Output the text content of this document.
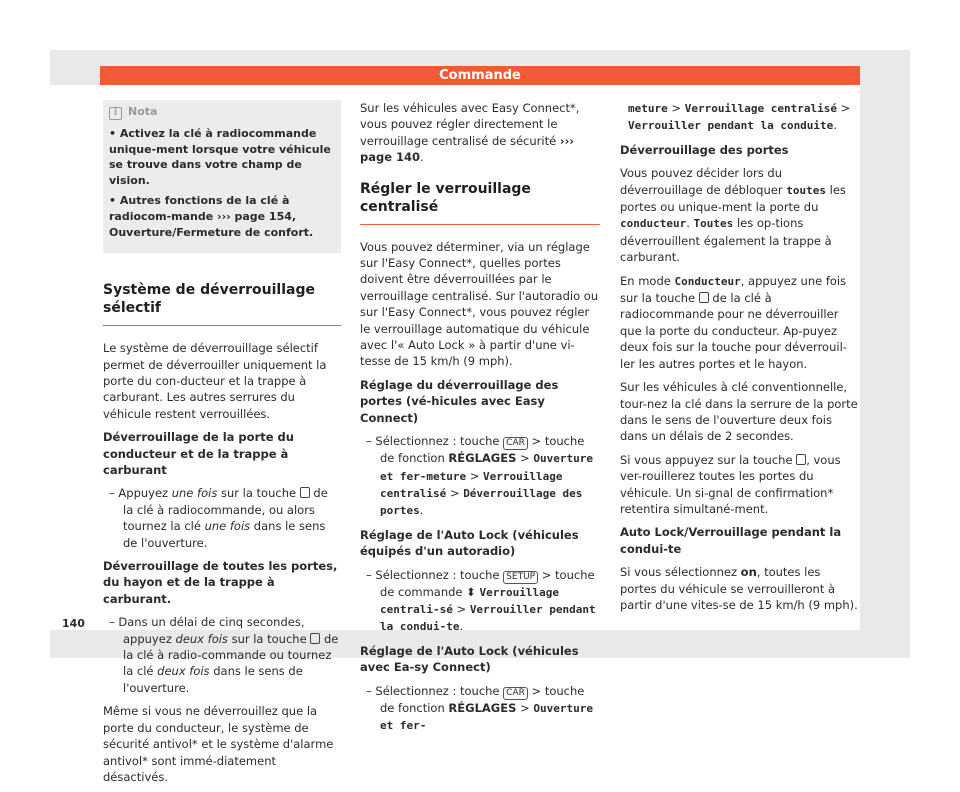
Commande
i Nota
• Activez la clé à radiocommande unique-ment lorsque votre véhicule se trouve dans votre champ de vision.
• Autres fonctions de la clé à radiocom-mande ››› page 154, Ouverture/Fermeture de confort.
Système de déverrouillage sélectif

Le système de déverrouillage sélectif permet de déverrouiller uniquement la porte du con-ducteur et la trappe à carburant. Les autres serrures du véhicule restent verrouillées.

Déverrouillage de la porte du conducteur et de la trappe à carburant

– Appuyez une fois sur la touche  de la clé à radiocommande, ou alors tournez la clé une fois dans le sens de l'ouverture.

Déverrouillage de toutes les portes, du hayon et de la trappe à carburant.

– Dans un délai de cinq secondes, appuyez deux fois sur la touche  de la clé à radio-commande ou tournez la clé deux fois dans le sens de l'ouverture.

Même si vous ne déverrouillez que la porte du conducteur, le système de sécurité antivol* et le système d'alarme antivol* sont immé-diatement désactivés.

Sur les véhicules avec Easy Connect*, vous pouvez régler directement le verrouillage centralisé de sécurité ››› page 140.

Régler le verrouillage centralisé

Vous pouvez déterminer, via un réglage sur l'Easy Connect*, quelles portes doivent être déverrouillées par le verrouillage centralisé. Sur l'autoradio ou sur l'Easy Connect*, vous pouvez régler le verrouillage automatique du véhicule avec l'« Auto Lock » à partir d'une vi-tesse de 15 km/h (9 mph).

Réglage du déverrouillage des portes (vé-hicules avec Easy Connect)

– Sélectionnez : touche CAR > touche de fonction RÉGLAGES > Ouverture et fer-meture > Verrouillage centralisé > Déverrouillage des portes.

Réglage de l'Auto Lock (véhicules équipés d'un autoradio)

– Sélectionnez : touche SETUP > touche de commande ⬍ Verrouillage centrali-sé > Verrouiller pendant la condui-te.

Réglage de l'Auto Lock (véhicules avec Ea-sy Connect)

– Sélectionnez : touche CAR > touche de fonction RÉGLAGES > Ouverture et fer-

meture > Verrouillage centralisé > Verrouiller pendant la conduite.

Déverrouillage des portes

Vous pouvez décider lors du déverrouillage de débloquer toutes les portes ou unique-ment la porte du conducteur. Toutes les op-tions déverrouillent également la trappe à carburant.

En mode Conducteur, appuyez une fois sur la touche  de la clé à radiocommande pour ne déverrouiller que la porte du conducteur. Ap-puyez deux fois sur la touche pour déverrouil-ler les autres portes et le hayon.

Sur les véhicules à clé conventionnelle, tour-nez la clé dans la serrure de la porte dans le sens de l'ouverture deux fois dans un délais de 2 secondes.

Si vous appuyez sur la touche , vous ver-rouillerez toutes les portes du véhicule. Un si-gnal de confirmation* retentira simultané-ment.

Auto Lock/Verrouillage pendant la condui-te

Si vous sélectionnez on, toutes les portes du véhicule se verrouilleront à partir d'une vites-se de 15 km/h (9 mph).

140
